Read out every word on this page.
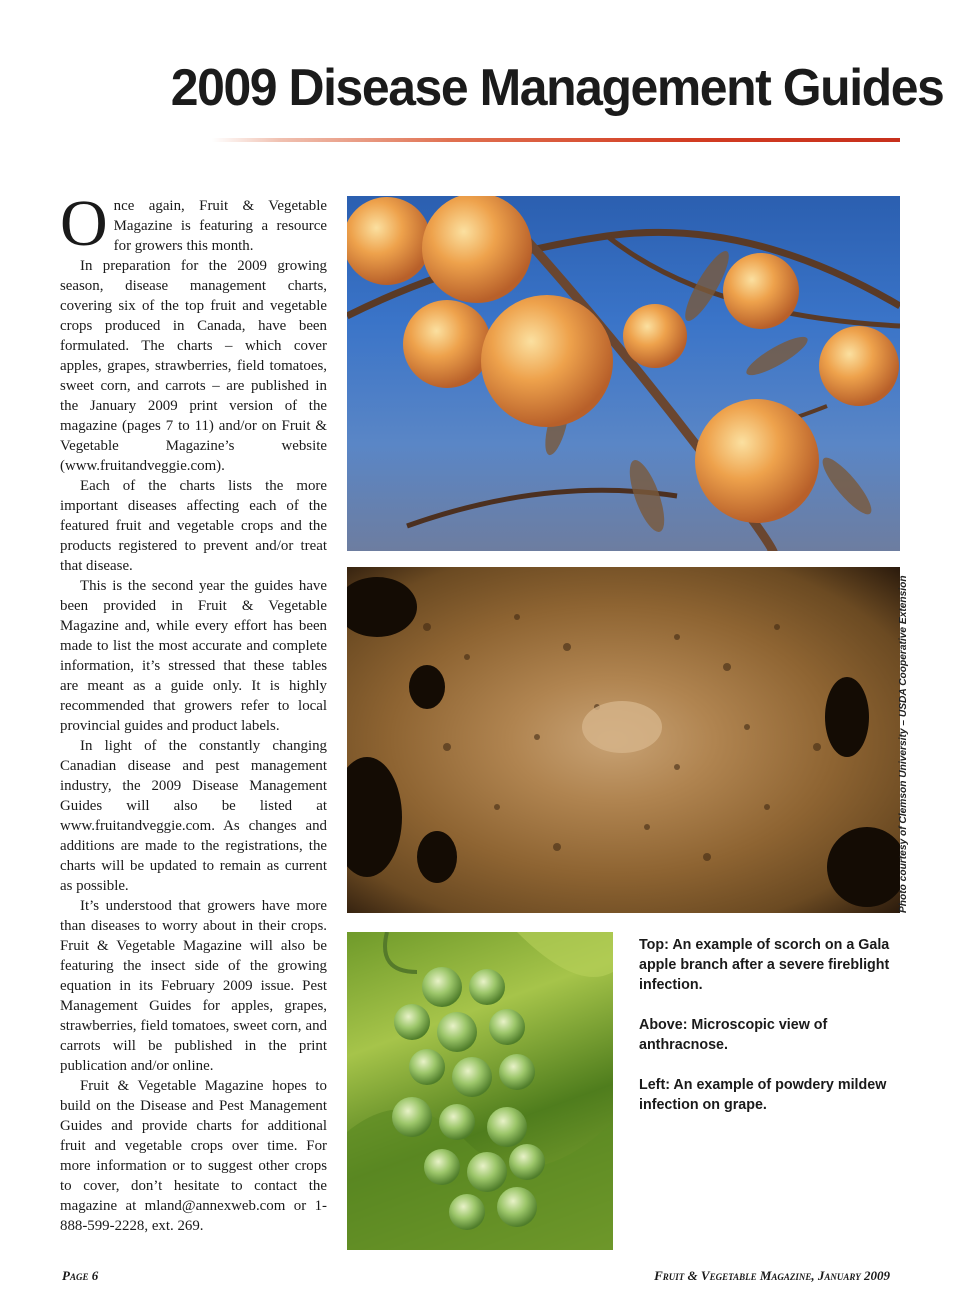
2009 Disease Management Guides

Once again, Fruit & Vegetable Magazine is featuring a resource for growers this month.

In preparation for the 2009 growing season, disease management charts, covering six of the top fruit and vegetable crops produced in Canada, have been formulated. The charts – which cover apples, grapes, strawberries, field tomatoes, sweet corn, and carrots – are published in the January 2009 print version of the magazine (pages 7 to 11) and/or on Fruit & Vegetable Magazine’s website (www.fruitandveggie.com).

Each of the charts lists the more important diseases affecting each of the featured fruit and vegetable crops and the products registered to prevent and/or treat that disease.

This is the second year the guides have been provided in Fruit & Vegetable Magazine and, while every effort has been made to list the most accurate and complete information, it’s stressed that these tables are meant as a guide only. It is highly recommended that growers refer to local provincial guides and product labels.

In light of the constantly changing Canadian disease and pest management industry, the 2009 Disease Management Guides will also be listed at www.fruitandveggie.com. As changes and additions are made to the registrations, the charts will be updated to remain as current as possible.

It’s understood that growers have more than diseases to worry about in their crops. Fruit & Vegetable Magazine will also be featuring the insect side of the growing equation in its February 2009 issue. Pest Management Guides for apples, grapes, strawberries, field tomatoes, sweet corn, and carrots will be published in the print publication and/or online.

Fruit & Vegetable Magazine hopes to build on the Disease and Pest Management Guides and provide charts for additional fruit and vegetable crops over time. For more information or to suggest other crops to cover, don’t hesitate to contact the magazine at mland@annexweb.com or 1-888-599-2228, ext. 269.

Photo courtesy of Clemson University – USDA Cooperative Extension

Top: An example of scorch on a Gala apple branch after a severe fireblight infection.

Above: Microscopic view of anthracnose.

Left: An example of powdery mildew infection on grape.

Page 6	Fruit & Vegetable Magazine, January 2009
